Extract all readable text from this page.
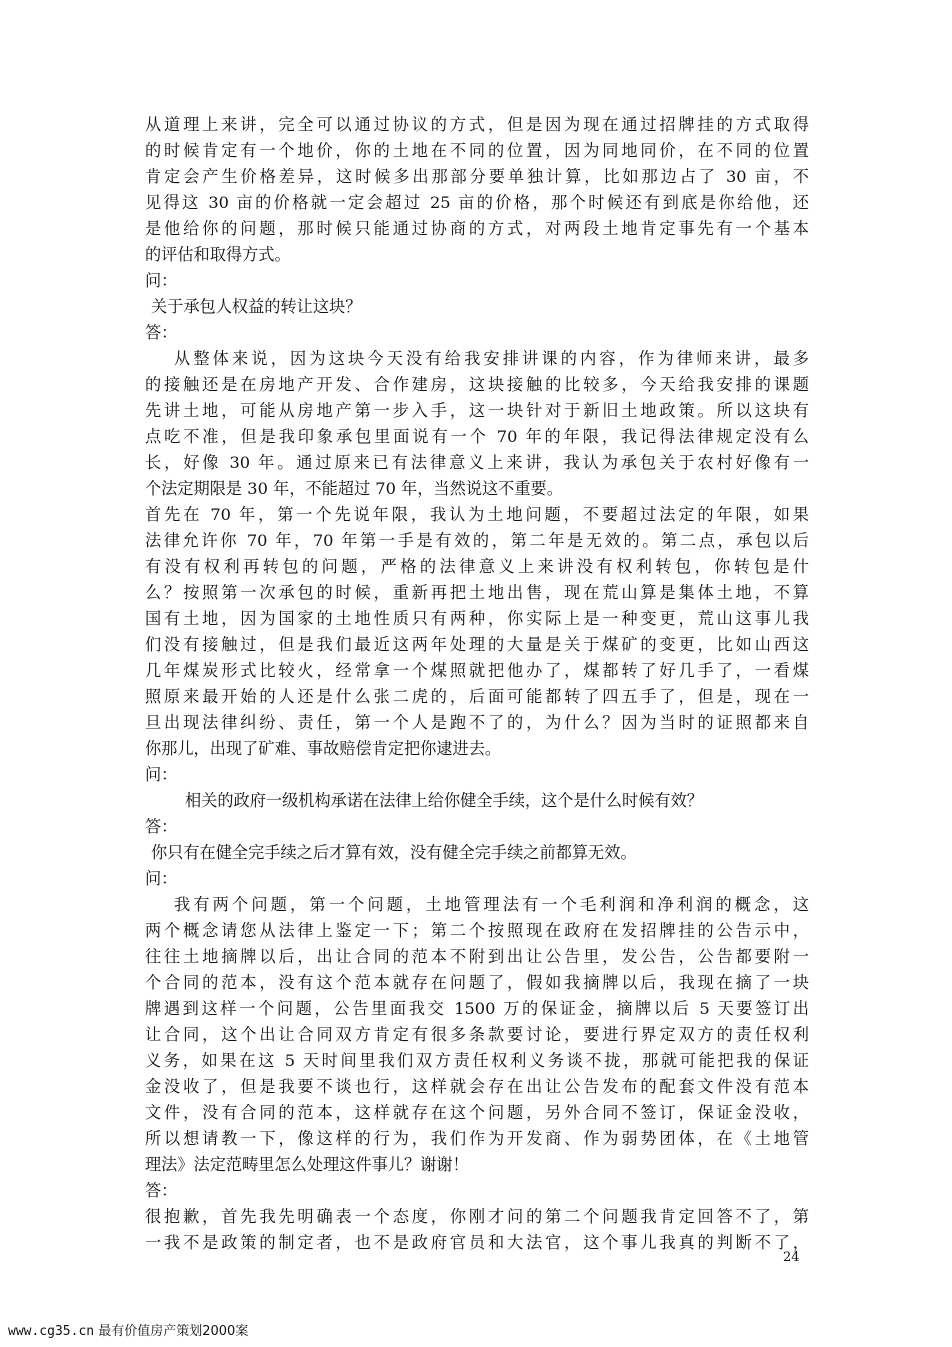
从道理上来讲，完全可以通过协议的方式，但是因为现在通过招牌挂的方式取得
的时候肯定有一个地价，你的土地在不同的位置，因为同地同价，在不同的位置
肯定会产生价格差异，这时候多出那部分要单独计算，比如那边占了 30 亩，不
见得这 30 亩的价格就一定会超过 25 亩的价格，那个时候还有到底是你给他，还
是他给你的问题，那时候只能通过协商的方式，对两段土地肯定事先有一个基本
的评估和取得方式。
问：
关于承包人权益的转让这块？
答：
从整体来说，因为这块今天没有给我安排讲课的内容，作为律师来讲，最多
的接触还是在房地产开发、合作建房，这块接触的比较多，今天给我安排的课题
先讲土地，可能从房地产第一步入手，这一块针对于新旧土地政策。所以这块有
点吃不准，但是我印象承包里面说有一个 70 年的年限，我记得法律规定没有么
长，好像 30 年。通过原来已有法律意义上来讲，我认为承包关于农村好像有一
个法定期限是 30 年，不能超过 70 年，当然说这不重要。
首先在 70 年，第一个先说年限，我认为土地问题，不要超过法定的年限，如果
法律允许你 70 年，70 年第一手是有效的，第二年是无效的。第二点，承包以后
有没有权利再转包的问题，严格的法律意义上来讲没有权利转包，你转包是什
么？按照第一次承包的时候，重新再把土地出售，现在荒山算是集体土地，不算
国有土地，因为国家的土地性质只有两种，你实际上是一种变更，荒山这事儿我
们没有接触过，但是我们最近这两年处理的大量是关于煤矿的变更，比如山西这
几年煤炭形式比较火，经常拿一个煤照就把他办了，煤都转了好几手了，一看煤
照原来最开始的人还是什么张二虎的，后面可能都转了四五手了，但是，现在一
旦出现法律纠纷、责任，第一个人是跑不了的，为什么？因为当时的证照都来自
你那儿，出现了矿难、事故赔偿肯定把你逮进去。
问：
相关的政府一级机构承诺在法律上给你健全手续，这个是什么时候有效？
答：
你只有在健全完手续之后才算有效，没有健全完手续之前都算无效。
问：
我有两个问题，第一个问题，土地管理法有一个毛利润和净利润的概念，这
两个概念请您从法律上鉴定一下；第二个按照现在政府在发招牌挂的公告示中，
往往土地摘牌以后，出让合同的范本不附到出让公告里，发公告，公告都要附一
个合同的范本，没有这个范本就存在问题了，假如我摘牌以后，我现在摘了一块
牌遇到这样一个问题，公告里面我交 1500 万的保证金，摘牌以后 5 天要签订出
让合同，这个出让合同双方肯定有很多条款要讨论，要进行界定双方的责任权利
义务，如果在这 5 天时间里我们双方责任权利义务谈不拢，那就可能把我的保证
金没收了，但是我要不谈也行，这样就会存在出让公告发布的配套文件没有范本
文件，没有合同的范本，这样就存在这个问题，另外合同不签订，保证金没收，
所以想请教一下，像这样的行为，我们作为开发商、作为弱势团体，在《土地管
理法》法定范畴里怎么处理这件事儿？谢谢！
答：
很抱歉，首先我先明确表一个态度，你刚才问的第二个问题我肯定回答不了，第
一我不是政策的制定者，也不是政府官员和大法官，这个事儿我真的判断不了，
24
www.cg35.cn 最有价值房产策划2000案
